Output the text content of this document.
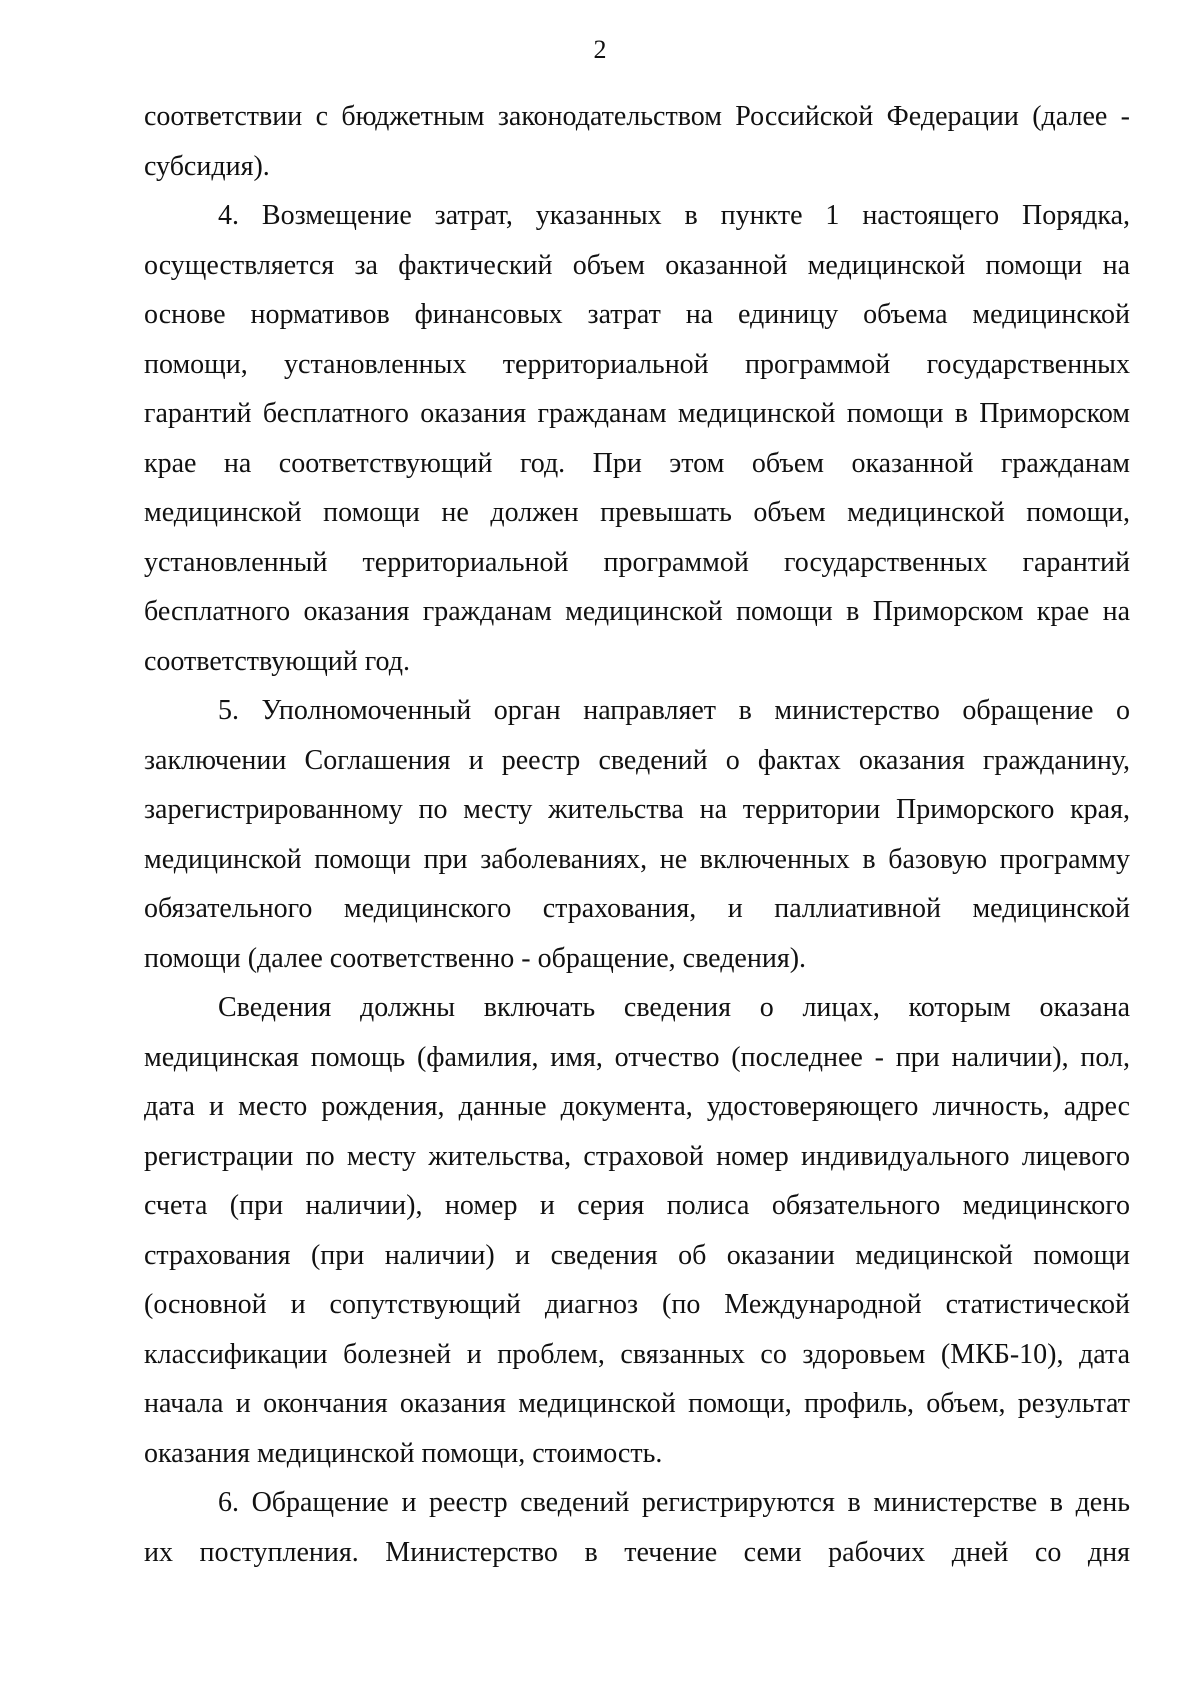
2
соответствии с бюджетным законодательством Российской Федерации (далее -
субсидия).
4. Возмещение затрат, указанных в пункте 1 настоящего Порядка,
осуществляется за фактический объем оказанной медицинской помощи на
основе нормативов финансовых затрат на единицу объема медицинской
помощи, установленных территориальной программой государственных
гарантий бесплатного оказания гражданам медицинской помощи в Приморском
крае на соответствующий год. При этом объем оказанной гражданам
медицинской помощи не должен превышать объем медицинской помощи,
установленный территориальной программой государственных гарантий
бесплатного оказания гражданам медицинской помощи в Приморском крае на
соответствующий год.
5. Уполномоченный орган направляет в министерство обращение о
заключении Соглашения и реестр сведений о фактах оказания гражданину,
зарегистрированному по месту жительства на территории Приморского края,
медицинской помощи при заболеваниях, не включенных в базовую программу
обязательного медицинского страхования, и паллиативной медицинской
помощи (далее соответственно - обращение, сведения).
Сведения должны включать сведения о лицах, которым оказана
медицинская помощь (фамилия, имя, отчество (последнее - при наличии), пол,
дата и место рождения, данные документа, удостоверяющего личность, адрес
регистрации по месту жительства, страховой номер индивидуального лицевого
счета (при наличии), номер и серия полиса обязательного медицинского
страхования (при наличии) и сведения об оказании медицинской помощи
(основной и сопутствующий диагноз (по Международной статистической
классификации болезней и проблем, связанных со здоровьем (МКБ-10), дата
начала и окончания оказания медицинской помощи, профиль, объем, результат
оказания медицинской помощи, стоимость.
6. Обращение и реестр сведений регистрируются в министерстве в день
их поступления. Министерство в течение семи рабочих дней со дня
